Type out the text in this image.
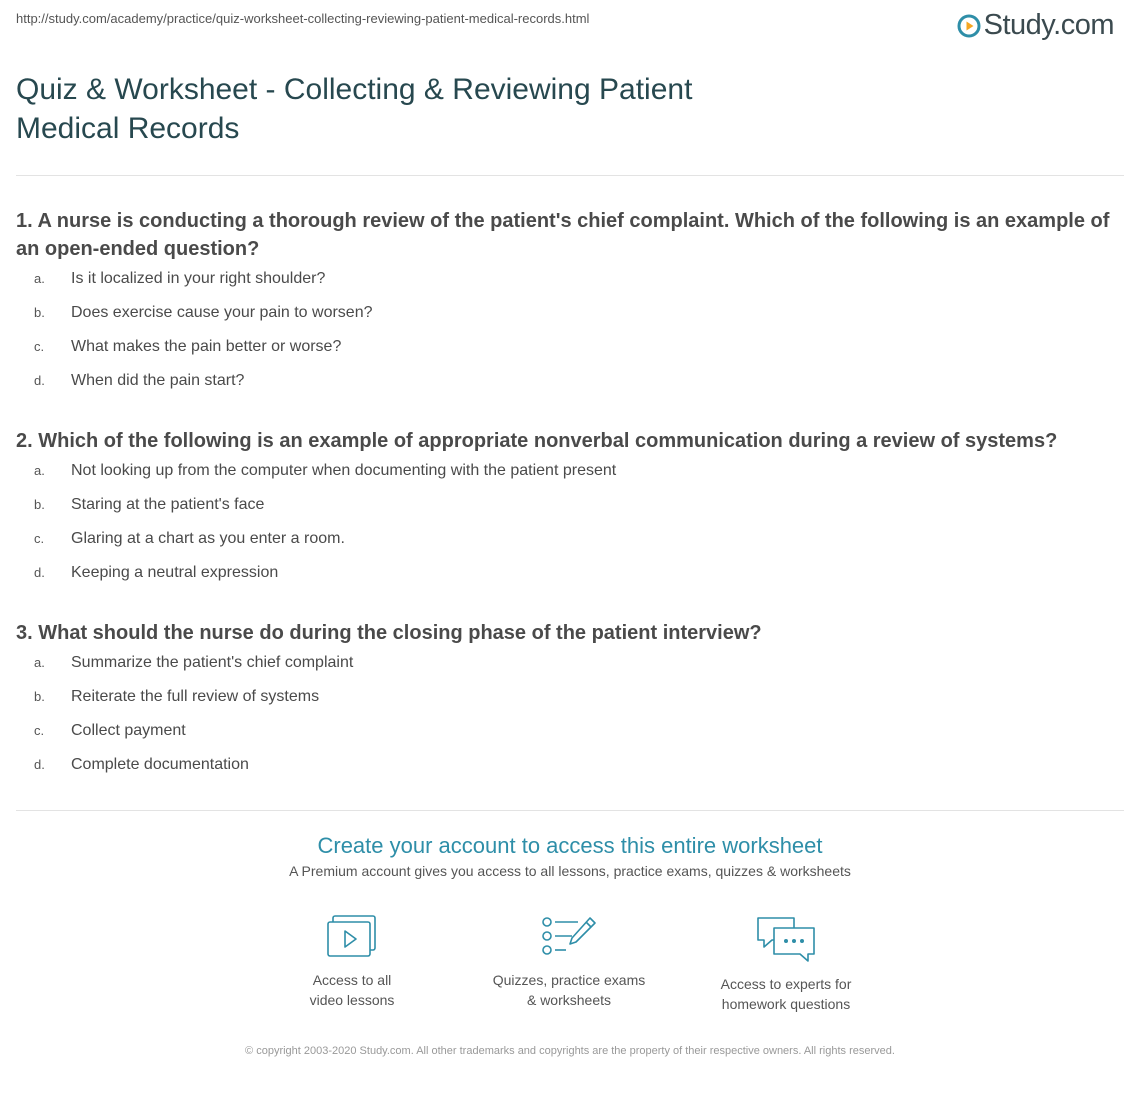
http://study.com/academy/practice/quiz-worksheet-collecting-reviewing-patient-medical-records.html	Study.com
Quiz & Worksheet - Collecting & Reviewing Patient Medical Records

1. A nurse is conducting a thorough review of the patient's chief complaint. Which of the following is an example of an open-ended question?

a.	Is it localized in your right shoulder?
b.	Does exercise cause your pain to worsen?
c.	What makes the pain better or worse?
d.	When did the pain start?

2. Which of the following is an example of appropriate nonverbal communication during a review of systems?

a.	Not looking up from the computer when documenting with the patient present
b.	Staring at the patient's face
c.	Glaring at a chart as you enter a room.
d.	Keeping a neutral expression

3. What should the nurse do during the closing phase of the patient interview?

a.	Summarize the patient's chief complaint
b.	Reiterate the full review of systems
c.	Collect payment
d.	Complete documentation
Create your account to access this entire worksheet
A Premium account gives you access to all lessons, practice exams, quizzes & worksheets
Access to all
video lessons
Quizzes, practice exams
& worksheets
Access to experts for
homework questions
© copyright 2003-2020 Study.com. All other trademarks and copyrights are the property of their respective owners. All rights reserved.
